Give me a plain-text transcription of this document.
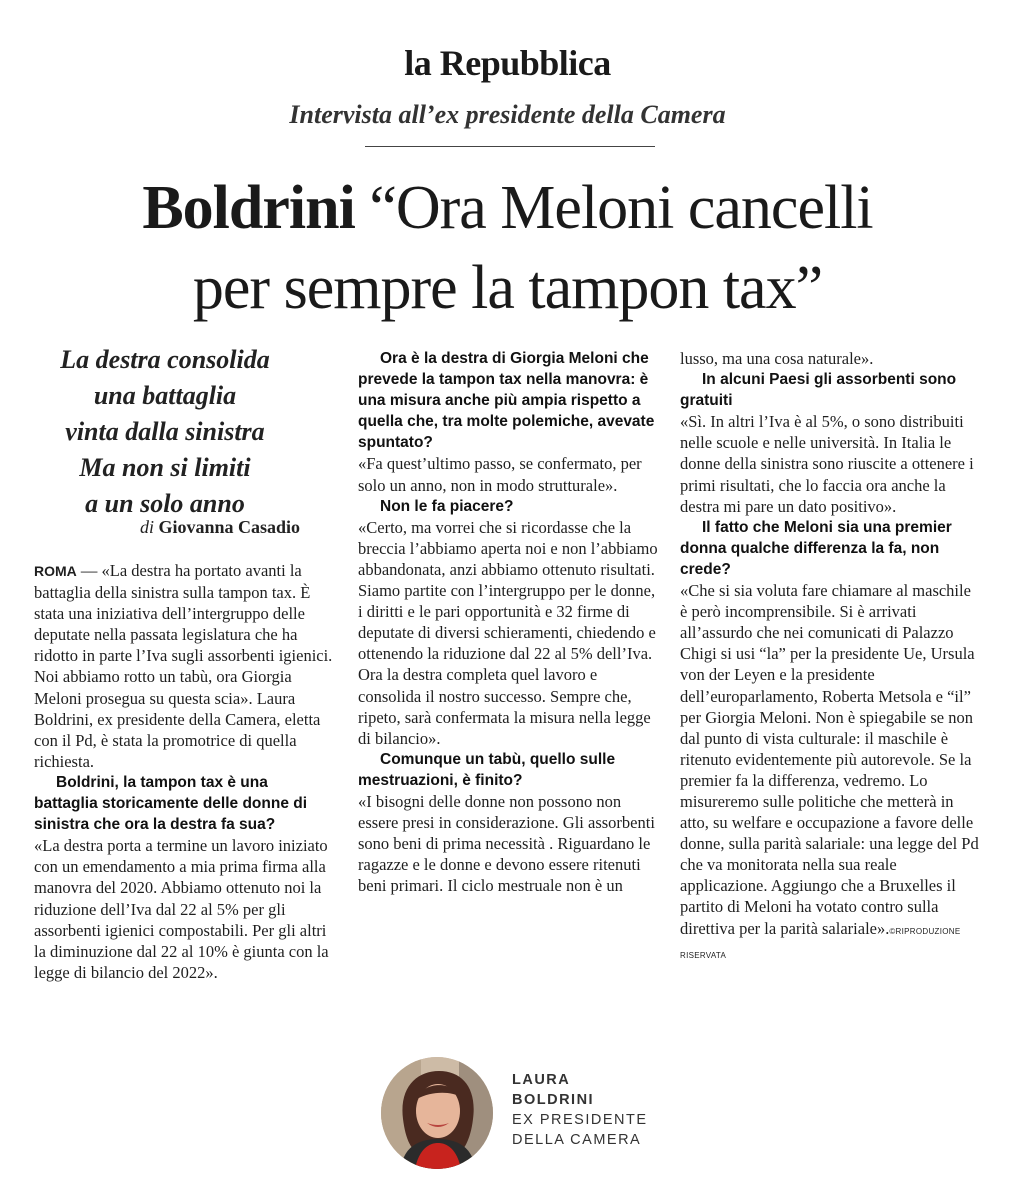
la Repubblica
Intervista all’ex presidente della Camera
Boldrini “Ora Meloni cancelli
per sempre la tampon tax”
La destra consolida
una battaglia
vinta dalla sinistra
Ma non si limiti
a un solo anno
di Giovanna Casadio

ROMA — «La destra ha portato avanti la battaglia della sinistra sulla tampon tax. È stata una iniziativa dell’intergruppo delle deputate nella passata legislatura che ha ridotto in parte l’Iva sugli assorbenti igienici. Noi abbiamo rotto un tabù, ora Giorgia Meloni prosegua su questa scia». Laura Boldrini, ex presidente della Camera, eletta con il Pd, è stata la promotrice di quella richiesta.

Boldrini, la tampon tax è una battaglia storicamente delle donne di sinistra che ora la destra fa sua?

«La destra porta a termine un lavoro iniziato con un emendamento a mia prima firma alla manovra del 2020. Abbiamo ottenuto noi la riduzione dell’Iva dal 22 al 5% per gli assorbenti igienici compostabili. Per gli altri la diminuzione dal 22 al 10% è giunta con la legge di bilancio del 2022».

Ora è la destra di Giorgia Meloni che prevede la tampon tax nella manovra: è una misura anche più ampia rispetto a quella che, tra molte polemiche, avevate spuntato?

«Fa quest’ultimo passo, se confermato, per solo un anno, non in modo strutturale».

Non le fa piacere?

«Certo, ma vorrei che si ricordasse che la breccia l’abbiamo aperta noi e non l’abbiamo abbandonata, anzi abbiamo ottenuto risultati. Siamo partite con l’intergruppo per le donne, i diritti e le pari opportunità e 32 firme di deputate di diversi schieramenti, chiedendo e ottenendo la riduzione dal 22 al 5% dell’Iva. Ora la destra completa quel lavoro e consolida il nostro successo. Sempre che, ripeto, sarà confermata la misura nella legge di bilancio».

Comunque un tabù, quello sulle mestruazioni, è finito?

«I bisogni delle donne non possono non essere presi in considerazione. Gli assorbenti sono beni di prima necessità . Riguardano le ragazze e le donne e devono essere ritenuti beni primari. Il ciclo mestruale non è un

lusso, ma una cosa naturale».

In alcuni Paesi gli assorbenti sono gratuiti

«Sì. In altri l’Iva è al 5%, o sono distribuiti nelle scuole e nelle università. In Italia le donne della sinistra sono riuscite a ottenere i primi risultati, che lo faccia ora anche la destra mi pare un dato positivo».

Il fatto che Meloni sia una premier donna qualche differenza la fa, non crede?

«Che si sia voluta fare chiamare al maschile è però incomprensibile. Si è arrivati all’assurdo che nei comunicati di Palazzo Chigi si usi “la” per la presidente Ue, Ursula von der Leyen e la presidente dell’europarlamento, Roberta Metsola e “il” per Giorgia Meloni. Non è spiegabile se non dal punto di vista culturale: il maschile è ritenuto evidentemente più autorevole. Se la premier fa la differenza, vedremo. Lo misureremo sulle politiche che metterà in atto, su welfare e occupazione a favore delle donne, sulla parità salariale: una legge del Pd che va monitorata nella sua reale applicazione. Aggiungo che a Bruxelles il partito di Meloni ha votato contro sulla direttiva per la parità salariale».©RIPRODUZIONE RISERVATA

LAURA
BOLDRINI
EX PRESIDENTE
DELLA CAMERA
